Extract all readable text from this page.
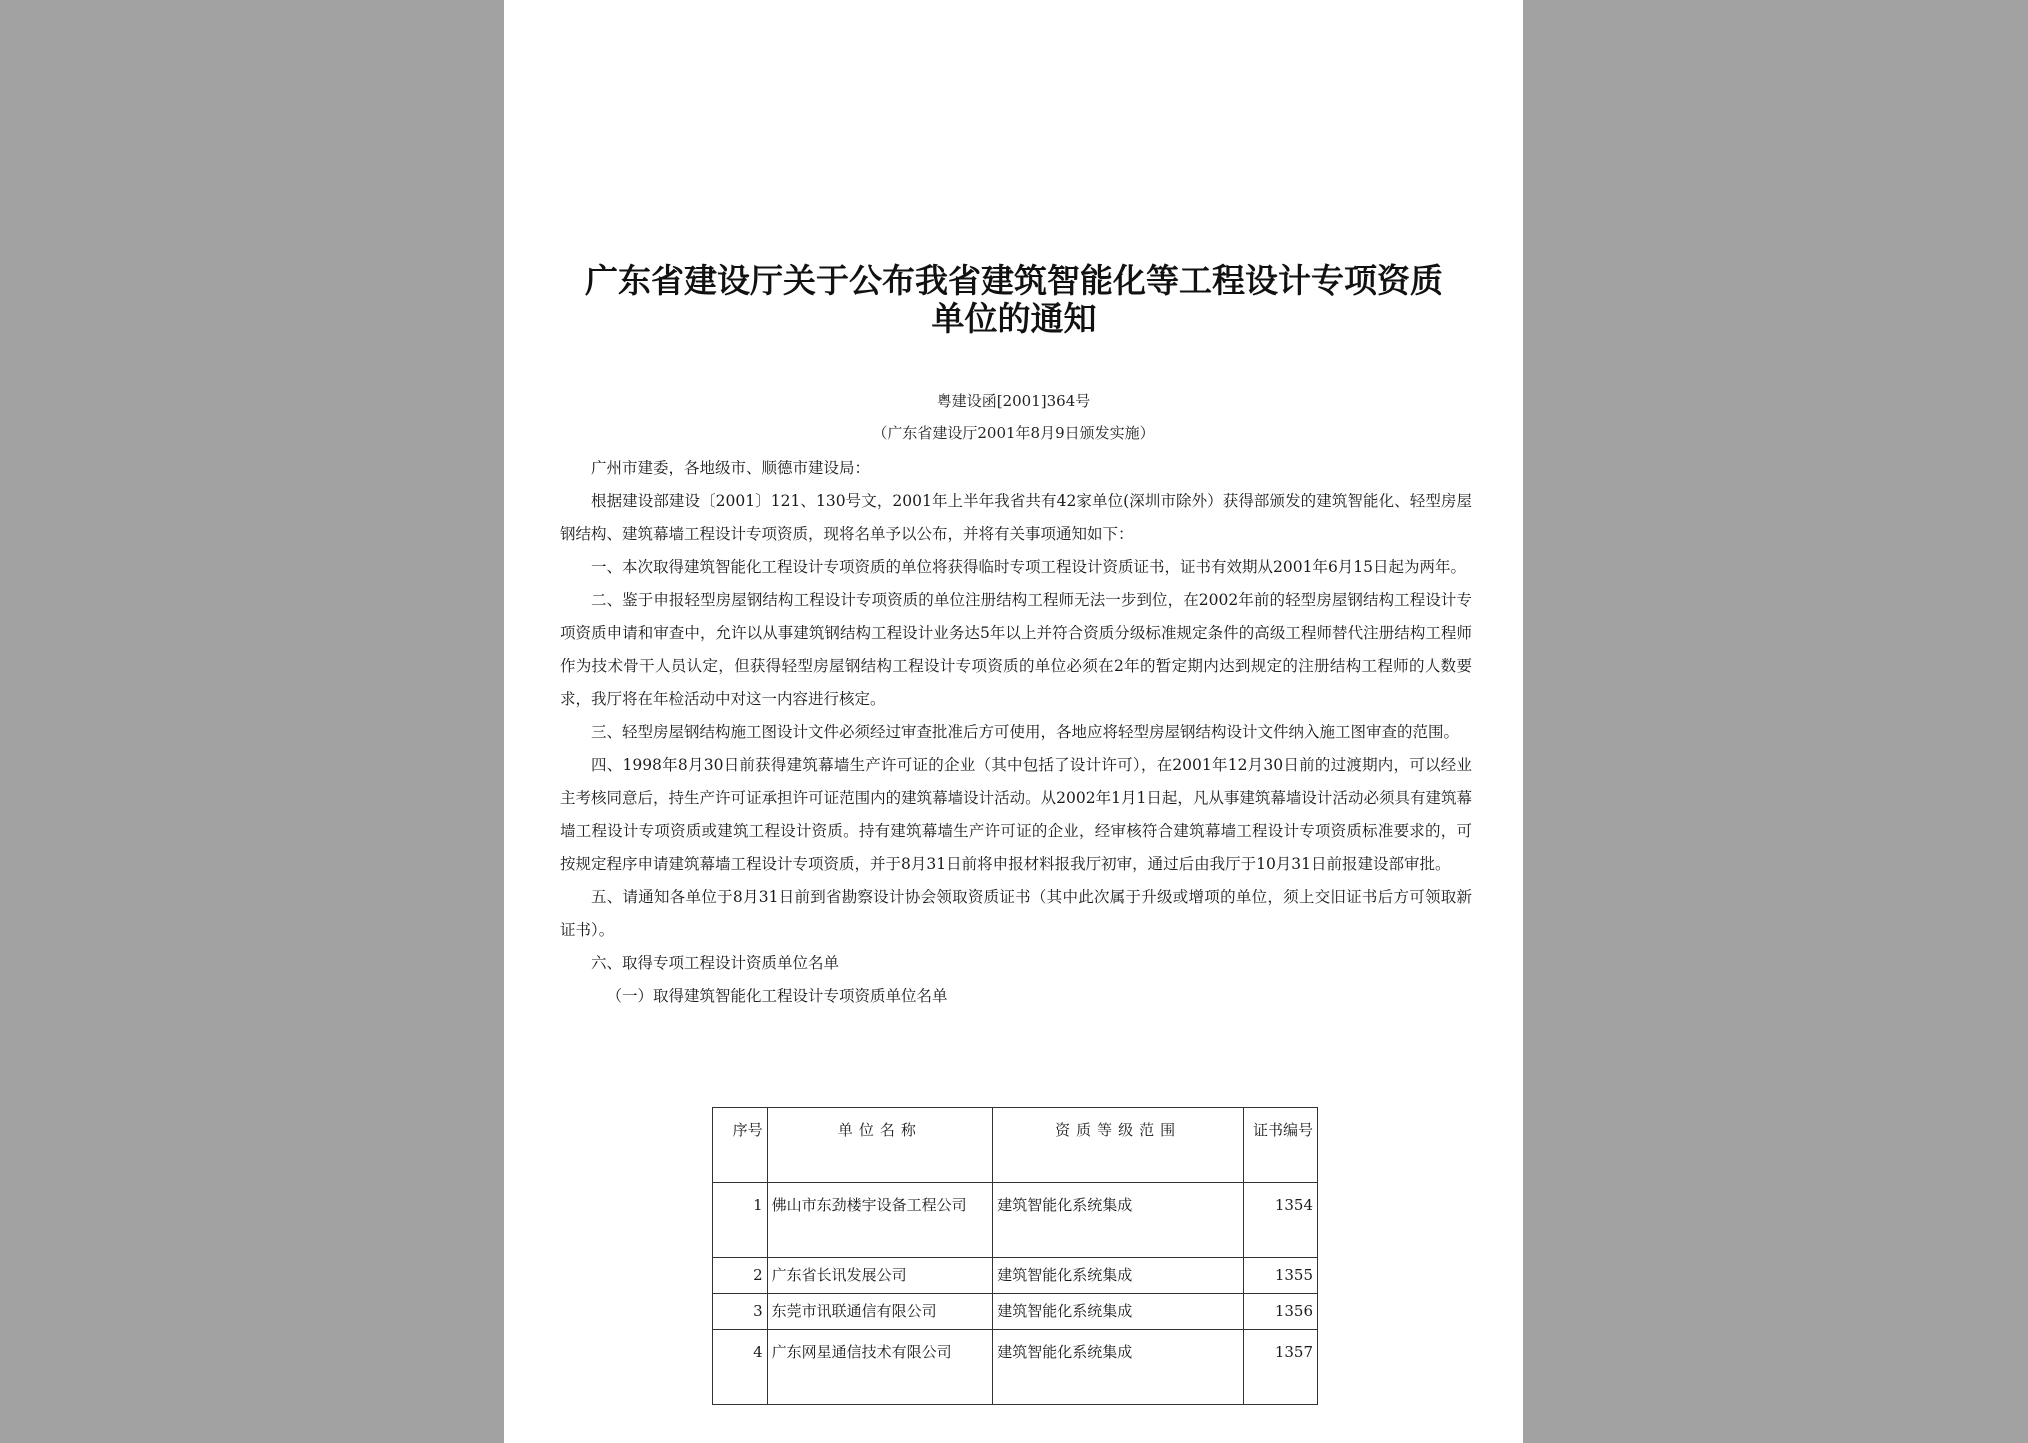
广东省建设厅关于公布我省建筑智能化等工程设计专项资质单位的通知
粤建设函[2001]364号
（广东省建设厅2001年8月9日颁发实施）

广州市建委，各地级市、顺德市建设局：

根据建设部建设〔2001〕121、130号文，2001年上半年我省共有42家单位(深圳市除外）获得部颁发的建筑智能化、轻型房屋钢结构、建筑幕墙工程设计专项资质，现将名单予以公布，并将有关事项通知如下：

一、本次取得建筑智能化工程设计专项资质的单位将获得临时专项工程设计资质证书，证书有效期从2001年6月15日起为两年。

二、鉴于申报轻型房屋钢结构工程设计专项资质的单位注册结构工程师无法一步到位，在2002年前的轻型房屋钢结构工程设计专项资质申请和审查中，允许以从事建筑钢结构工程设计业务达5年以上并符合资质分级标准规定条件的高级工程师替代注册结构工程师作为技术骨干人员认定，但获得轻型房屋钢结构工程设计专项资质的单位必须在2年的暂定期内达到规定的注册结构工程师的人数要求，我厅将在年检活动中对这一内容进行核定。

三、轻型房屋钢结构施工图设计文件必须经过审查批准后方可使用，各地应将轻型房屋钢结构设计文件纳入施工图审查的范围。

四、1998年8月30日前获得建筑幕墙生产许可证的企业（其中包括了设计许可），在2001年12月30日前的过渡期内，可以经业主考核同意后，持生产许可证承担许可证范围内的建筑幕墙设计活动。从2002年1月1日起，凡从事建筑幕墙设计活动必须具有建筑幕墙工程设计专项资质或建筑工程设计资质。持有建筑幕墙生产许可证的企业，经审核符合建筑幕墙工程设计专项资质标准要求的，可按规定程序申请建筑幕墙工程设计专项资质，并于8月31日前将申报材料报我厅初审，通过后由我厅于10月31日前报建设部审批。

五、请通知各单位于8月31日前到省勘察设计协会领取资质证书（其中此次属于升级或增项的单位，须上交旧证书后方可领取新证书）。

六、取得专项工程设计资质单位名单

（一）取得建筑智能化工程设计专项资质单位名单

序号	单位名称	资质等级范围	证书编号
1	佛山市东劲楼宇设备工程公司	建筑智能化系统集成	1354
2	广东省长讯发展公司	建筑智能化系统集成	1355
3	东莞市讯联通信有限公司	建筑智能化系统集成	1356
4	广东网星通信技术有限公司	建筑智能化系统集成	1357
